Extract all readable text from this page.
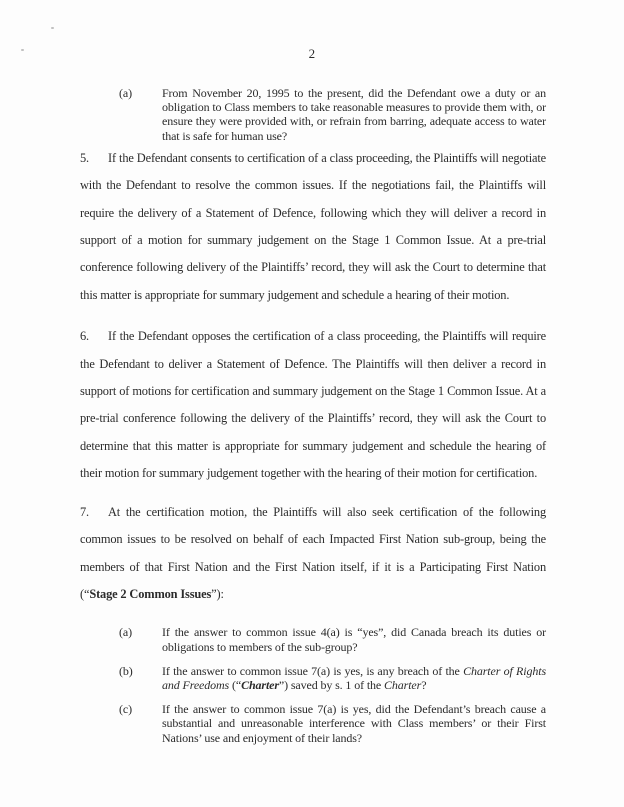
2
(a)	From November 20, 1995 to the present, did the Defendant owe a duty or an obligation to Class members to take reasonable measures to provide them with, or ensure they were provided with, or refrain from barring, adequate access to water that is safe for human use?

5. If the Defendant consents to certification of a class proceeding, the Plaintiffs will negotiate with the Defendant to resolve the common issues. If the negotiations fail, the Plaintiffs will require the delivery of a Statement of Defence, following which they will deliver a record in support of a motion for summary judgement on the Stage 1 Common Issue. At a pre-trial conference following delivery of the Plaintiffs’ record, they will ask the Court to determine that this matter is appropriate for summary judgement and schedule a hearing of their motion.

6. If the Defendant opposes the certification of a class proceeding, the Plaintiffs will require the Defendant to deliver a Statement of Defence. The Plaintiffs will then deliver a record in support of motions for certification and summary judgement on the Stage 1 Common Issue. At a pre-trial conference following the delivery of the Plaintiffs’ record, they will ask the Court to determine that this matter is appropriate for summary judgement and schedule the hearing of their motion for summary judgement together with the hearing of their motion for certification.

7. At the certification motion, the Plaintiffs will also seek certification of the following common issues to be resolved on behalf of each Impacted First Nation sub-group, being the members of that First Nation and the First Nation itself, if it is a Participating First Nation (“Stage 2 Common Issues”):

(a)	If the answer to common issue 4(a) is “yes”, did Canada breach its duties or obligations to members of the sub-group?
(b)	If the answer to common issue 7(a) is yes, is any breach of the Charter of Rights and Freedoms (“Charter”) saved by s. 1 of the Charter?
(c)	If the answer to common issue 7(a) is yes, did the Defendant’s breach cause a substantial and unreasonable interference with Class members’ or their First Nations’ use and enjoyment of their lands?
